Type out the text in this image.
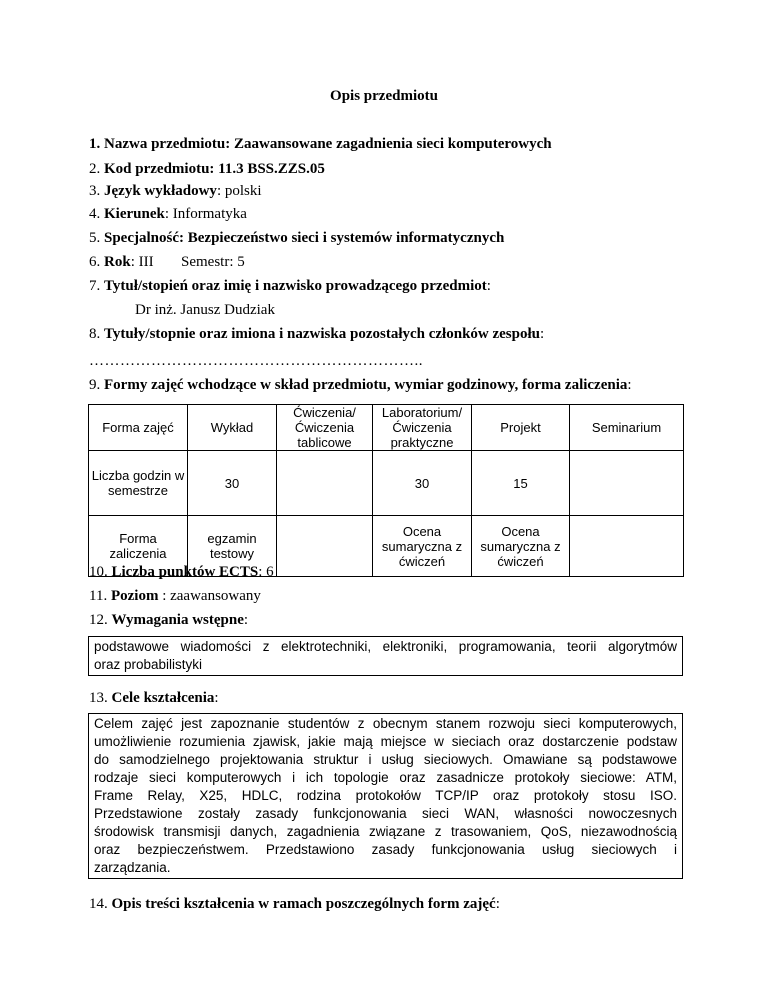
Opis przedmiotu
1. Nazwa przedmiotu: Zaawansowane zagadnienia sieci komputerowych
2. Kod przedmiotu: 11.3 BSS.ZZS.05
3. Język wykładowy: polski
4. Kierunek: Informatyka
5. Specjalność: Bezpieczeństwo sieci i systemów informatycznych
6. Rok: III Semestr: 5
7. Tytuł/stopień oraz imię i nazwisko prowadzącego przedmiot:
Dr inż. Janusz Dudziak
8. Tytuły/stopnie oraz imiona i nazwiska pozostałych członków zespołu:
………………………………………………………..
9. Formy zajęć wchodzące w skład przedmiotu, wymiar godzinowy, forma zaliczenia:
Forma zajęć	Wykład	Ćwiczenia/ Ćwiczenia tablicowe	Laboratorium/ Ćwiczenia praktyczne	Projekt	Seminarium
Liczba godzin w semestrze	30		30	15	
Forma zaliczenia	egzamin testowy		Ocena sumaryczna z ćwiczeń	Ocena sumaryczna z ćwiczeń	
10. Liczba punktów ECTS: 6
11. Poziom : zaawansowany
12. Wymagania wstępne:
podstawowe wiadomości z elektrotechniki, elektroniki, programowania, teorii algorytmów
oraz probabilistyki
13. Cele kształcenia:
Celem zajęć jest zapoznanie studentów z obecnym stanem rozwoju sieci komputerowych,
umożliwienie rozumienia zjawisk, jakie mają miejsce w sieciach oraz dostarczenie podstaw
do samodzielnego projektowania struktur i usług sieciowych. Omawiane są podstawowe
rodzaje sieci komputerowych i ich topologie oraz zasadnicze protokoły sieciowe: ATM,
Frame Relay, X25, HDLC, rodzina protokołów TCP/IP oraz protokoły stosu ISO.
Przedstawione zostały zasady funkcjonowania sieci WAN, własności nowoczesnych
środowisk transmisji danych, zagadnienia związane z trasowaniem, QoS, niezawodnością
oraz bezpieczeństwem. Przedstawiono zasady funkcjonowania usług sieciowych i
zarządzania.
14. Opis treści kształcenia w ramach poszczególnych form zajęć:
